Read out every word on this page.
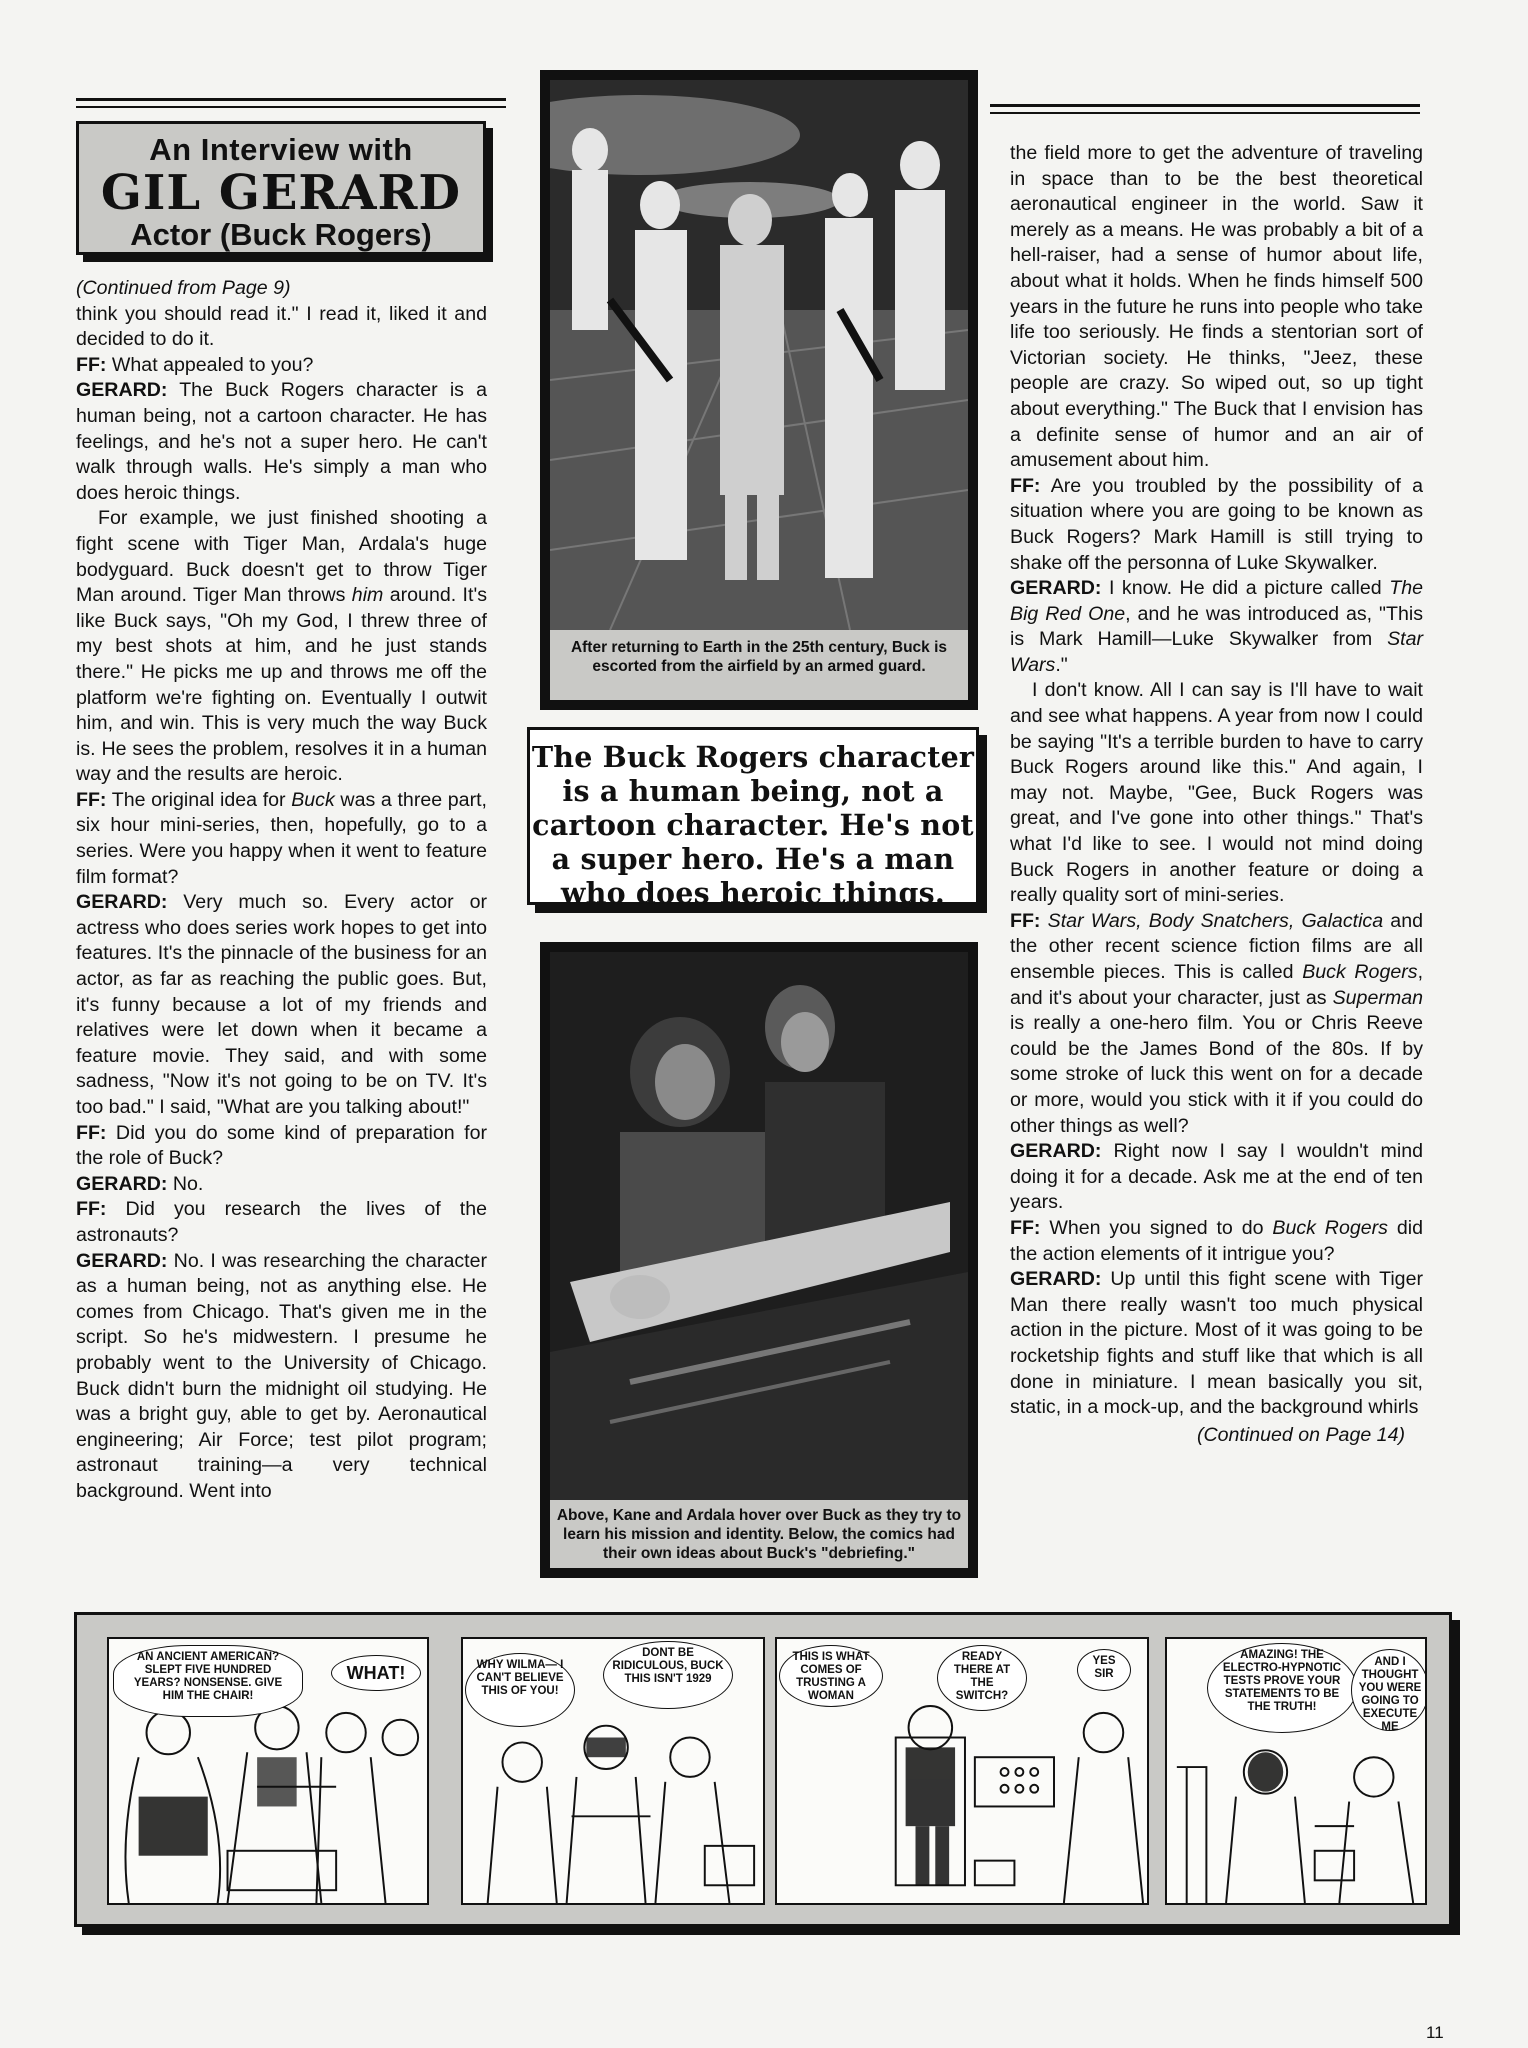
An Interview with
GIL GERARD
Actor (Buck Rogers)

(Continued from Page 9)

think you should read it." I read it, liked it and decided to do it.

FF: What appealed to you?

GERARD: The Buck Rogers character is a human being, not a cartoon character. He has feelings, and he's not a super hero. He can't walk through walls. He's simply a man who does heroic things.

For example, we just finished shooting a fight scene with Tiger Man, Ardala's huge bodyguard. Buck doesn't get to throw Tiger Man around. Tiger Man throws him around. It's like Buck says, "Oh my God, I threw three of my best shots at him, and he just stands there." He picks me up and throws me off the platform we're fighting on. Eventually I outwit him, and win. This is very much the way Buck is. He sees the problem, resolves it in a human way and the results are heroic.

FF: The original idea for Buck was a three part, six hour mini-series, then, hopefully, go to a series. Were you happy when it went to feature film format?

GERARD: Very much so. Every actor or actress who does series work hopes to get into features. It's the pinnacle of the business for an actor, as far as reaching the public goes. But, it's funny because a lot of my friends and relatives were let down when it became a feature movie. They said, and with some sadness, "Now it's not going to be on TV. It's too bad." I said, "What are you talking about!"

FF: Did you do some kind of preparation for the role of Buck?

GERARD: No.

FF: Did you research the lives of the astronauts?

GERARD: No. I was researching the character as a human being, not as anything else. He comes from Chicago. That's given me in the script. So he's midwestern. I presume he probably went to the University of Chicago. Buck didn't burn the midnight oil studying. He was a bright guy, able to get by. Aeronautical engineering; Air Force; test pilot program; astronaut training—a very technical background. Went into

After returning to Earth in the 25th century, Buck is escorted from the airfield by an armed guard.
The Buck Rogers character is a human being, not a cartoon character. He's not a super hero. He's a man who does heroic things.
Above, Kane and Ardala hover over Buck as they try to learn his mission and identity. Below, the comics had their own ideas about Buck's "debriefing."

the field more to get the adventure of traveling in space than to be the best theoretical aeronautical engineer in the world. Saw it merely as a means. He was probably a bit of a hell-raiser, had a sense of humor about life, about what it holds. When he finds himself 500 years in the future he runs into people who take life too seriously. He finds a stentorian sort of Victorian society. He thinks, "Jeez, these people are crazy. So wiped out, so up tight about everything." The Buck that I envision has a definite sense of humor and an air of amusement about him.

FF: Are you troubled by the possibility of a situation where you are going to be known as Buck Rogers? Mark Hamill is still trying to shake off the personna of Luke Skywalker.

GERARD: I know. He did a picture called The Big Red One, and he was introduced as, "This is Mark Hamill—Luke Skywalker from Star Wars."

I don't know. All I can say is I'll have to wait and see what happens. A year from now I could be saying "It's a terrible burden to have to carry Buck Rogers around like this." And again, I may not. Maybe, "Gee, Buck Rogers was great, and I've gone into other things." That's what I'd like to see. I would not mind doing Buck Rogers in another feature or doing a really quality sort of mini-series.

FF: Star Wars, Body Snatchers, Galactica and the other recent science fiction films are all ensemble pieces. This is called Buck Rogers, and it's about your character, just as Superman is really a one-hero film. You or Chris Reeve could be the James Bond of the 80s. If by some stroke of luck this went on for a decade or more, would you stick with it if you could do other things as well?

GERARD: Right now I say I wouldn't mind doing it for a decade. Ask me at the end of ten years.

FF: When you signed to do Buck Rogers did the action elements of it intrigue you?

GERARD: Up until this fight scene with Tiger Man there really wasn't too much physical action in the picture. Most of it was going to be rocketship fights and stuff like that which is all done in miniature. I mean basically you sit, static, in a mock-up, and the background whirls

(Continued on Page 14)

AN ANCIENT AMERICAN? SLEPT FIVE HUNDRED YEARS? NONSENSE. GIVE HIM THE CHAIR!
WHAT!	WHY WILMA— I CAN'T BELIEVE THIS OF YOU!
DONT BE RIDICULOUS, BUCK THIS ISN'T 1929
THIS IS WHAT COMES OF TRUSTING A WOMAN
READY THERE AT THE SWITCH?
YES SIR
AMAZING! THE ELECTRO-HYPNOTIC TESTS PROVE YOUR STATEMENTS TO BE THE TRUTH!
AND I THOUGHT YOU WERE GOING TO EXECUTE ME
11
